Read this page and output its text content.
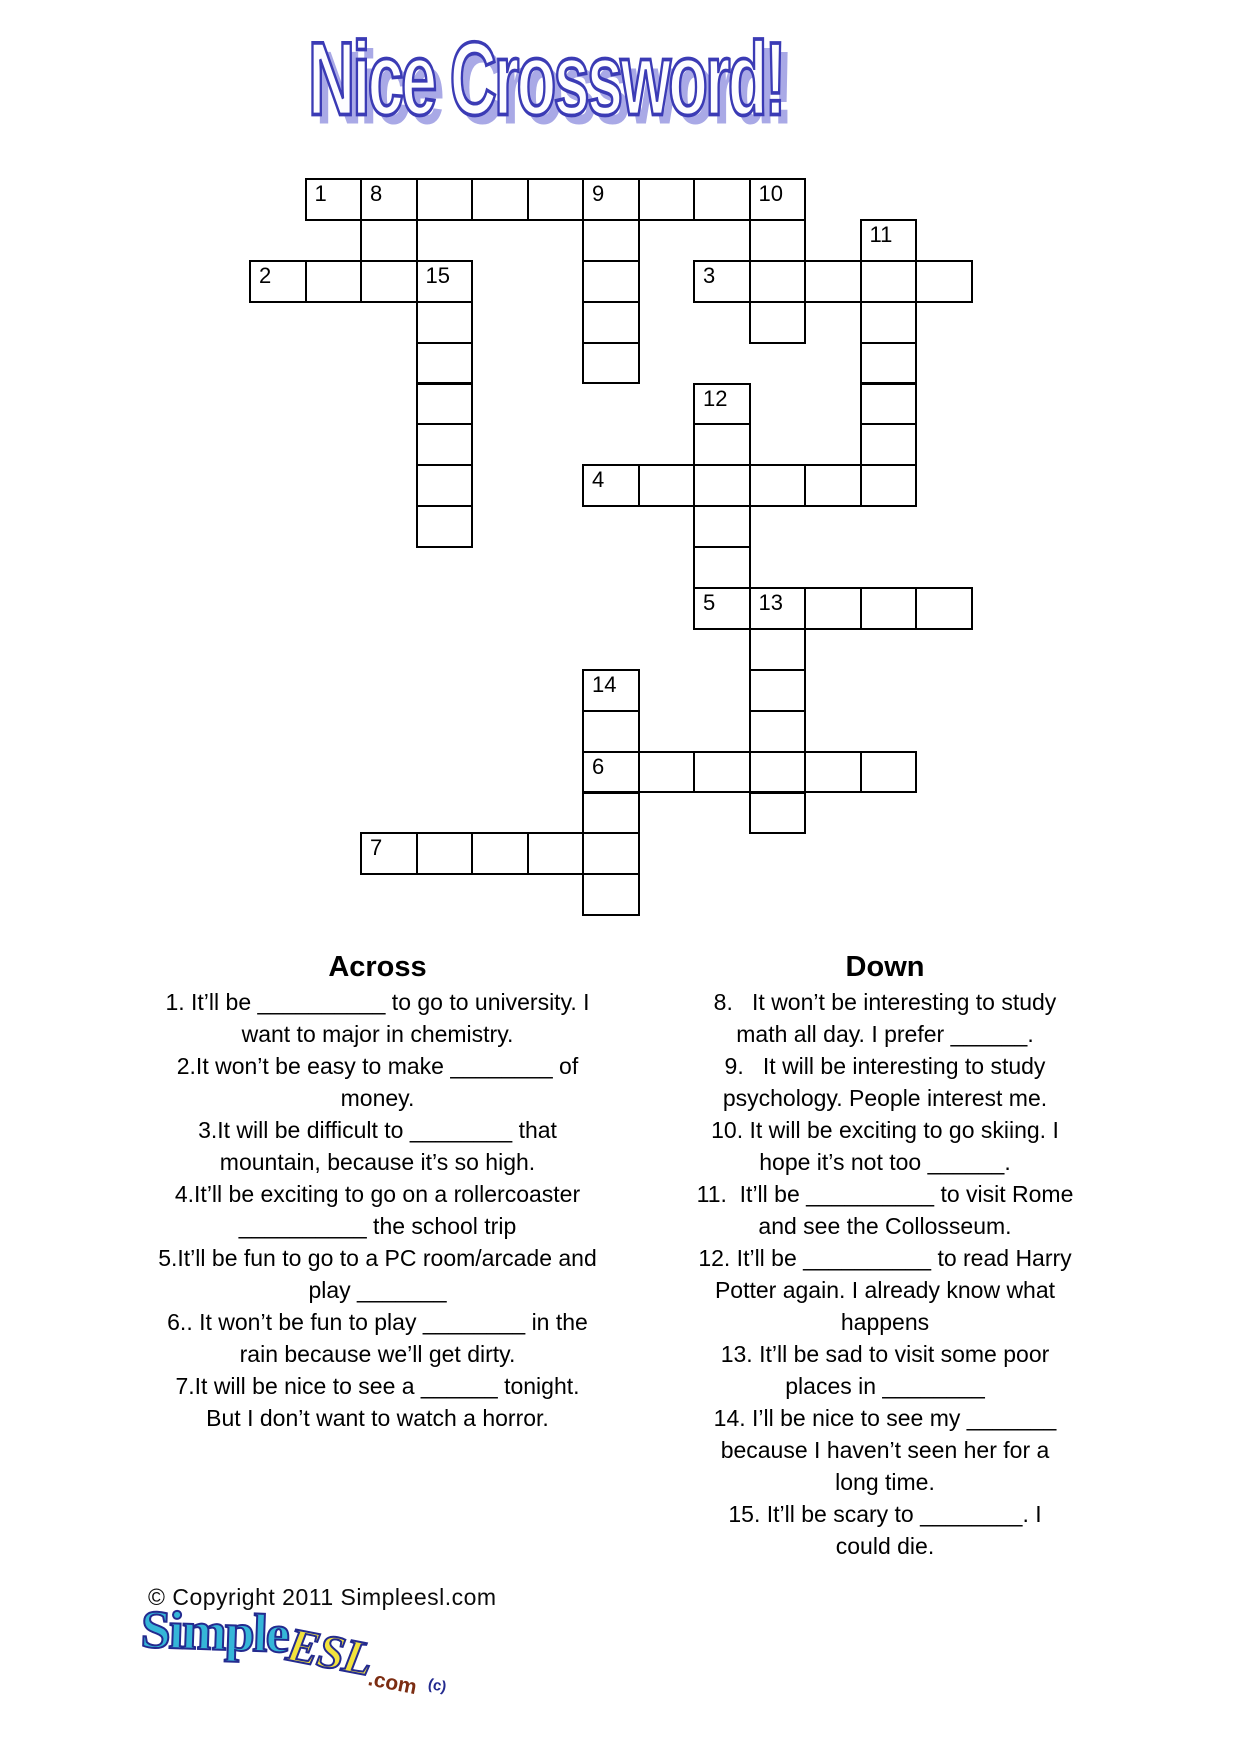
Nice Crossword!
1 8	9	10
11
2	15	3
12
4
5 13
14
6
7
Across
1. It’ll be __________ to go to university. I
want to major in chemistry.
2.It won’t be easy to make ________ of
money.
3.It will be difficult to ________ that
mountain, because it’s so high.
4.It’ll be exciting to go on a rollercoaster
__________ the school trip
5.It’ll be fun to go to a PC room/arcade and
play _______
6.. It won’t be fun to play ________ in the
rain because we’ll get dirty.
7.It will be nice to see a ______ tonight.
But I don’t want to watch a horror.
Down
8.   It won’t be interesting to study
math all day. I prefer ______.
9.   It will be interesting to study
psychology. People interest me.
10. It will be exciting to go skiing. I
hope it’s not too ______.
11.  It’ll be __________ to visit Rome
and see the Collosseum.
12. It’ll be __________ to read Harry
Potter again. I already know what
happens
13. It’ll be sad to visit some poor
places in ________
14. I’ll be nice to see my _______
because I haven’t seen her for a
long time.
15. It’ll be scary to ________. I
could die.
© Copyright 2011 Simpleesl.com
SimpleESL.com (c)
